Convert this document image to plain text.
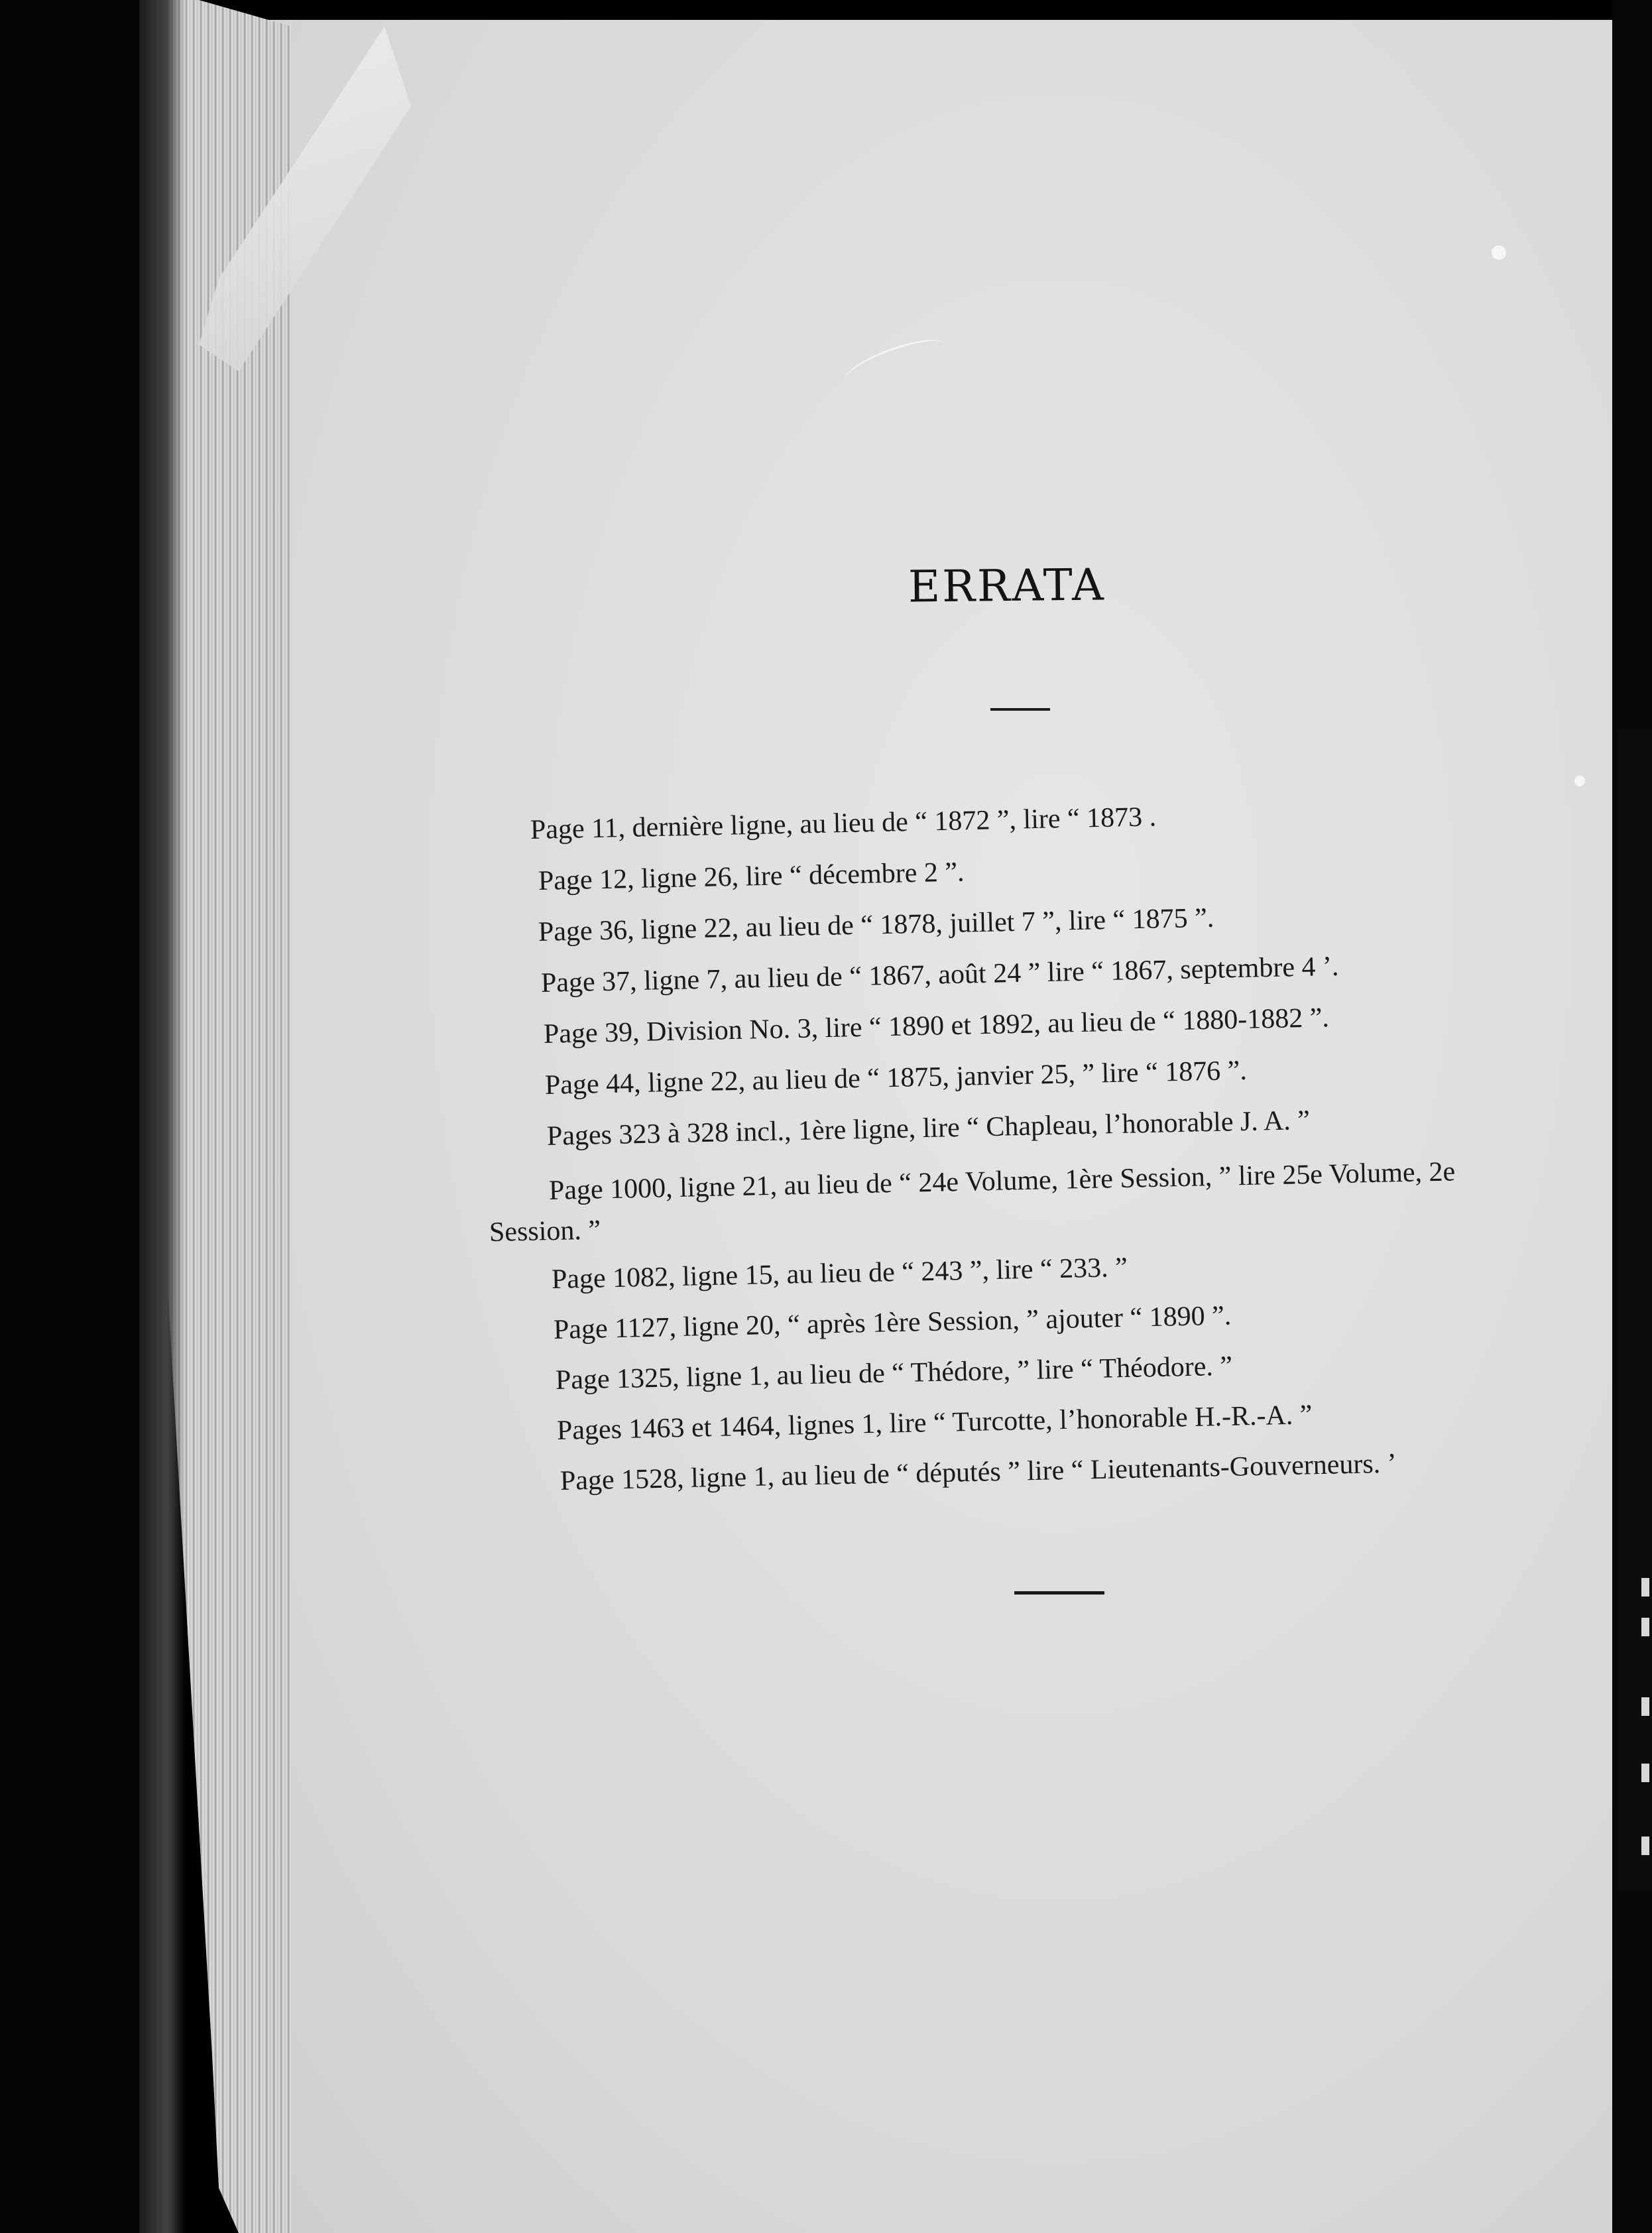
ERRATA
Page 11, dernière ligne, au lieu de “ 1872 ”, lire “ 1873 .
Page 12, ligne 26, lire “ décembre 2 ”.
Page 36, ligne 22, au lieu de “ 1878, juillet 7 ”, lire “ 1875 ”.
Page 37, ligne 7, au lieu de “ 1867, août 24 ” lire “ 1867, septembre 4 ’.
Page 39, Division No. 3, lire “ 1890 et 1892, au lieu de “ 1880-1882 ”.
Page 44, ligne 22, au lieu de “ 1875, janvier 25, ” lire “ 1876 ”.
Pages 323 à 328 incl., 1ère ligne, lire “ Chapleau, l’honorable J. A. ”
Page 1000, ligne 21, au lieu de “ 24e Volume, 1ère Session, ” lire 25e Volume, 2e
Session. ”
Page 1082, ligne 15, au lieu de “ 243 ”, lire “ 233. ”
Page 1127, ligne 20, “ après 1ère Session, ” ajouter “ 1890 ”.
Page 1325, ligne 1, au lieu de “ Thédore, ” lire “ Théodore. ”
Pages 1463 et 1464, lignes 1, lire “ Turcotte, l’honorable H.-R.-A. ”
Page 1528, ligne 1, au lieu de “ députés ” lire “ Lieutenants-Gouverneurs. ’
